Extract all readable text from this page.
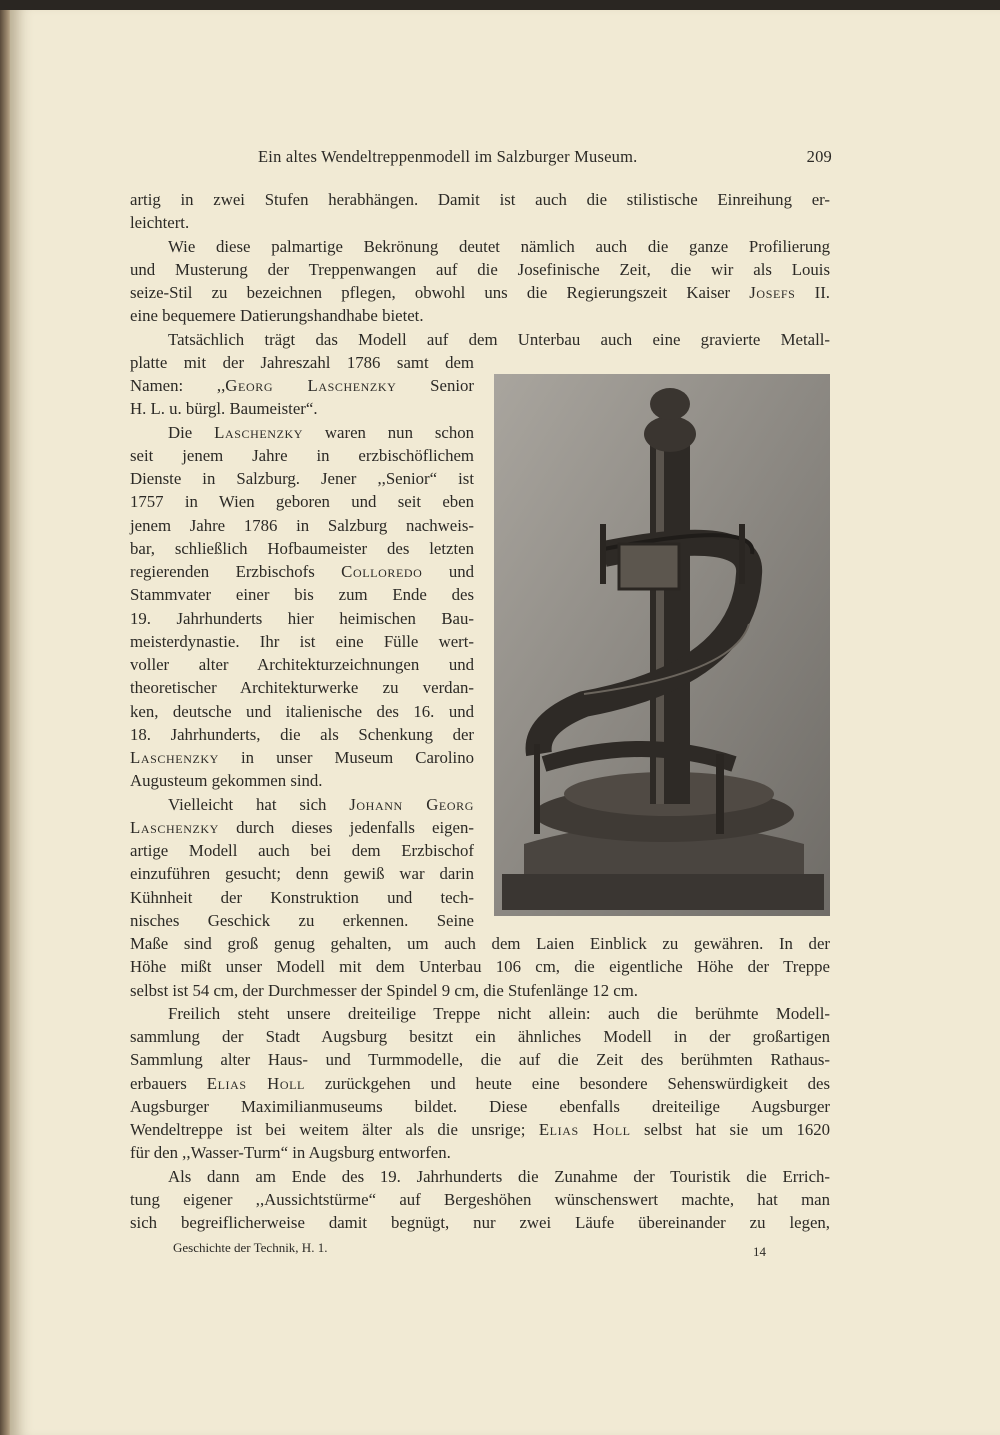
Ein altes Wendeltreppenmodell im Salzburger Museum.	209
artig in zwei Stufen herabhängen. Damit ist auch die stilistische Einreihung er-
leichtert.
Wie diese palmartige Bekrönung deutet nämlich auch die ganze Profilierung
und Musterung der Treppenwangen auf die Josefinische Zeit, die wir als Louis
seize-Stil zu bezeichnen pflegen, obwohl uns die Regierungszeit Kaiser Josefs II.
eine bequemere Datierungshandhabe bietet.
Tatsächlich trägt das Modell auf dem Unterbau auch eine gravierte Metall-
platte mit der Jahreszahl 1786 samt dem
Namen: ,,Georg Laschenzky Senior
H. L. u. bürgl. Baumeister“.
Die Laschenzky waren nun schon
seit jenem Jahre in erzbischöflichem
Dienste in Salzburg. Jener ,,Senior“ ist
1757 in Wien geboren und seit eben
jenem Jahre 1786 in Salzburg nachweis-
bar, schließlich Hofbaumeister des letzten
regierenden Erzbischofs Colloredo und
Stammvater einer bis zum Ende des
19. Jahrhunderts hier heimischen Bau-
meisterdynastie. Ihr ist eine Fülle wert-
voller alter Architekturzeichnungen und
theoretischer Architekturwerke zu verdan-
ken, deutsche und italienische des 16. und
18. Jahrhunderts, die als Schenkung der
Laschenzky in unser Museum Carolino
Augusteum gekommen sind.
Vielleicht hat sich Johann Georg
Laschenzky durch dieses jedenfalls eigen-
artige Modell auch bei dem Erzbischof
einzuführen gesucht; denn gewiß war darin
Kühnheit der Konstruktion und tech-
nisches Geschick zu erkennen. Seine
Maße sind groß genug gehalten, um auch dem Laien Einblick zu gewähren. In der
Höhe mißt unser Modell mit dem Unterbau 106 cm, die eigentliche Höhe der Treppe
selbst ist 54 cm, der Durchmesser der Spindel 9 cm, die Stufenlänge 12 cm.
Freilich steht unsere dreiteilige Treppe nicht allein: auch die berühmte Modell-
sammlung der Stadt Augsburg besitzt ein ähnliches Modell in der großartigen
Sammlung alter Haus- und Turmmodelle, die auf die Zeit des berühmten Rathaus-
erbauers Elias Holl zurückgehen und heute eine besondere Sehenswürdigkeit des
Augsburger Maximilianmuseums bildet. Diese ebenfalls dreiteilige Augsburger
Wendeltreppe ist bei weitem älter als die unsrige; Elias Holl selbst hat sie um 1620
für den ,,Wasser-Turm“ in Augsburg entworfen.
Als dann am Ende des 19. Jahrhunderts die Zunahme der Touristik die Errich-
tung eigener ,,Aussichtstürme“ auf Bergeshöhen wünschenswert machte, hat man
sich begreiflicherweise damit begnügt, nur zwei Läufe übereinander zu legen,
Geschichte der Technik, H. 1.	14
